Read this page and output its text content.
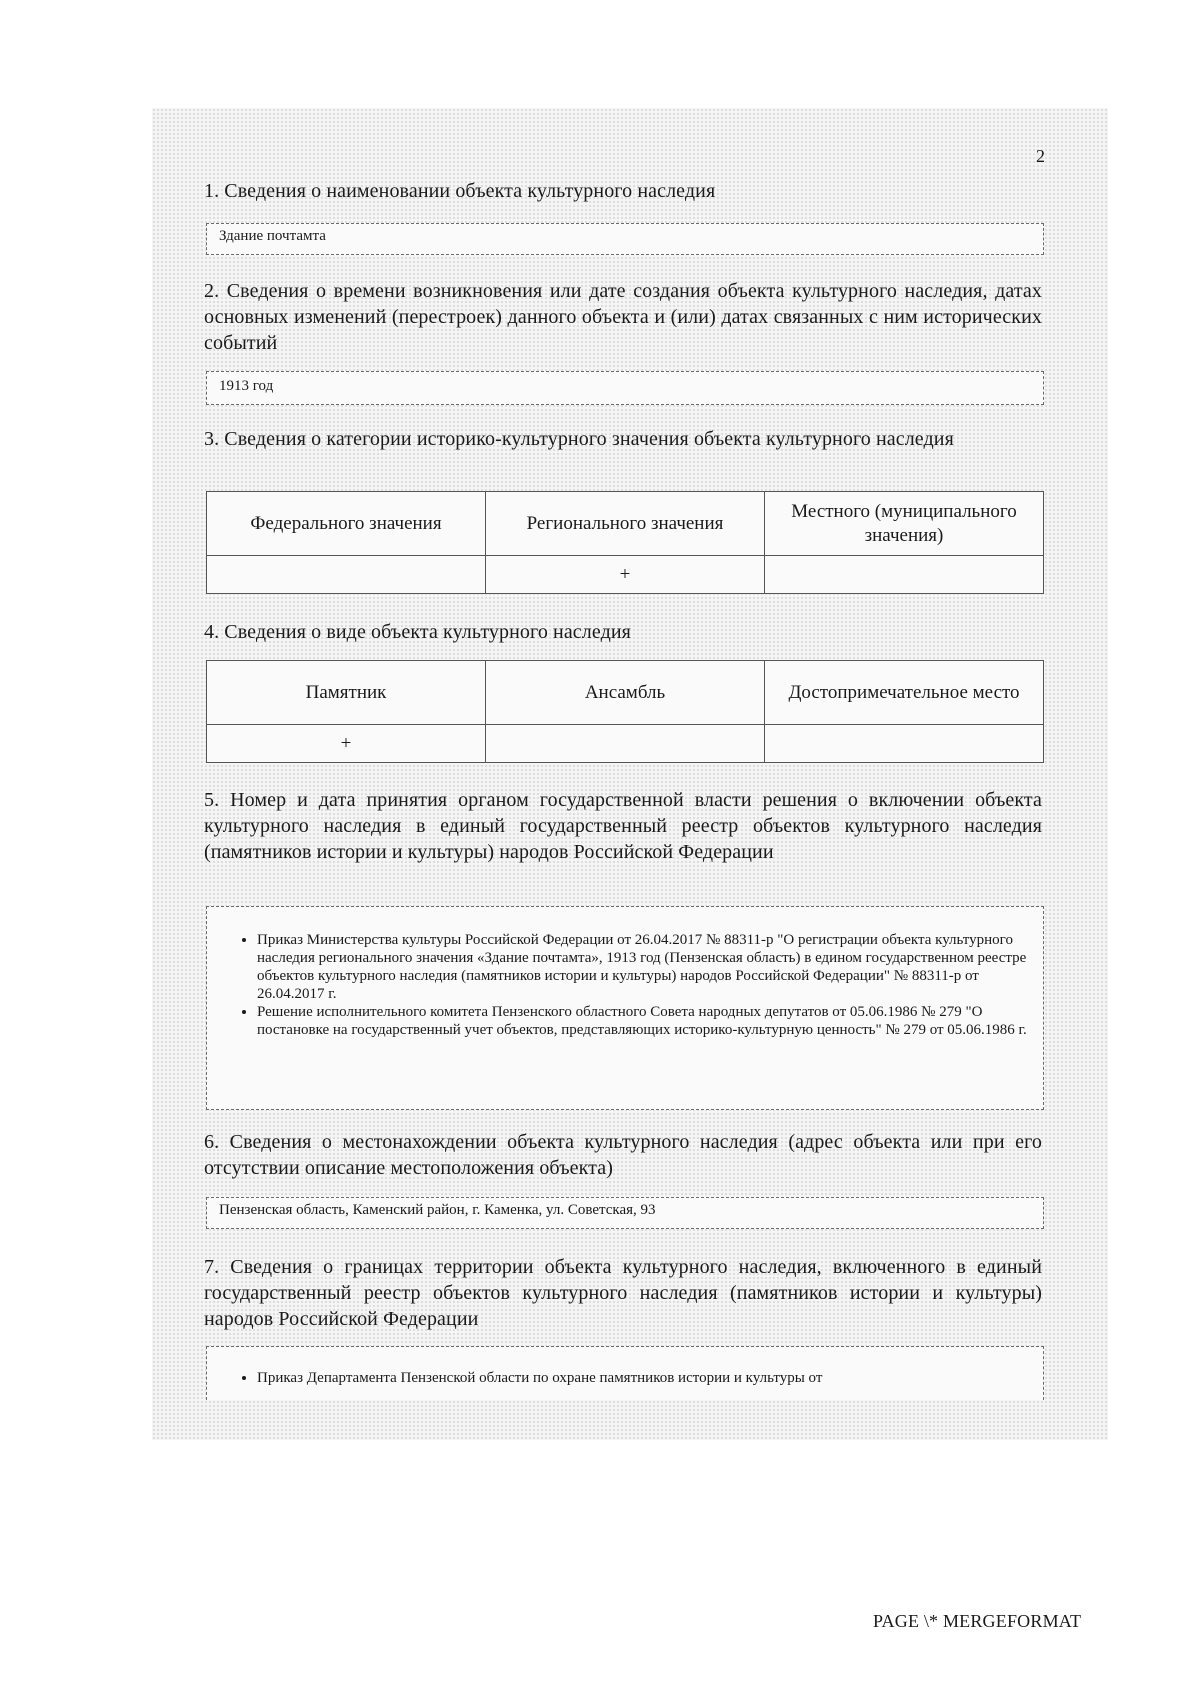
2
1. Сведения о наименовании объекта культурного наследия
Здание почтамта
2. Сведения о времени возникновения или дате создания объекта культурного наследия, датах основных изменений (перестроек) данного объекта и (или) датах связанных с ним исторических событий
1913 год
3. Сведения о категории историко-культурного значения объекта культурного наследия
Федерального значения	Регионального значения	Местного (муниципального значения)
	+	
4. Сведения о виде объекта культурного наследия
Памятник	Ансамбль	Достопримечательное место
+		
5. Номер и дата принятия органом государственной власти решения о включении объекта культурного наследия в единый государственный реестр объектов культурного наследия (памятников истории и культуры) народов Российской Федерации
• Приказ Министерства культуры Российской Федерации от 26.04.2017 № 88311-р "О регистрации объекта культурного наследия регионального значения «Здание почтамта», 1913 год (Пензенская область) в едином государственном реестре объектов культурного наследия (памятников истории и культуры) народов Российской Федерации" № 88311-р от 26.04.2017 г.
• Решение исполнительного комитета Пензенского областного Совета народных депутатов от 05.06.1986 № 279 "О постановке на государственный учет объектов, представляющих историко-культурную ценность" № 279 от 05.06.1986 г.
6. Сведения о местонахождении объекта культурного наследия (адрес объекта или при его отсутствии описание местоположения объекта)
Пензенская область, Каменский район, г. Каменка, ул. Советская, 93
7. Сведения о границах территории объекта культурного наследия, включенного в единый государственный реестр объектов культурного наследия (памятников истории и культуры) народов Российской Федерации
• Приказ Департамента Пензенской области по охране памятников истории и культуры от
PAGE \* MERGEFORMAT
